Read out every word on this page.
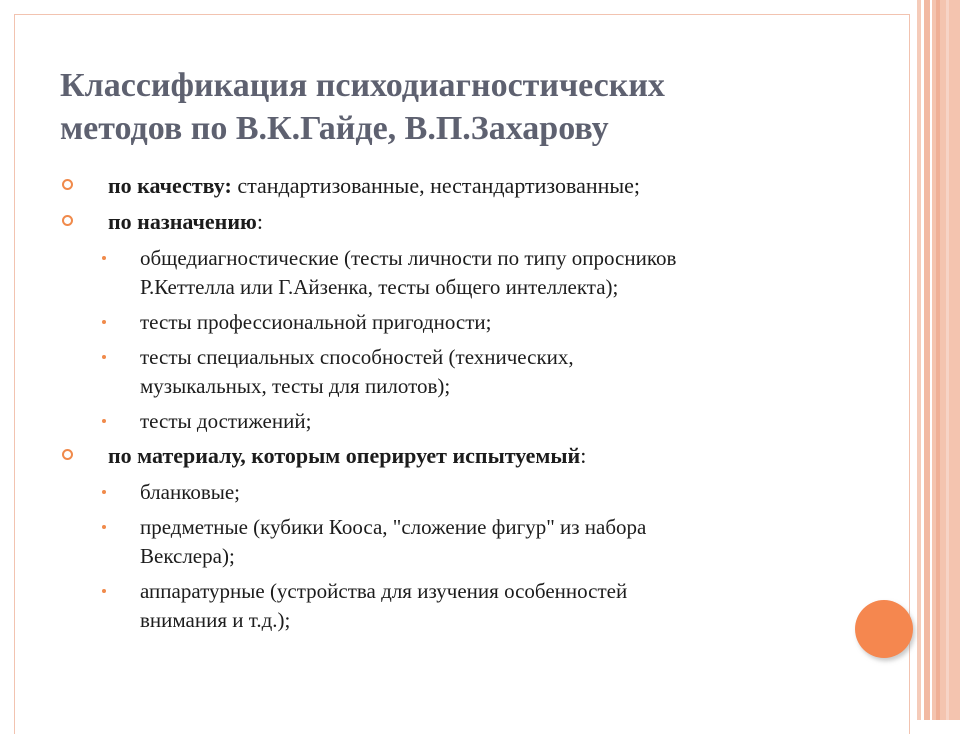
Классификация психодиагностических
методов по В.К.Гайде, В.П.Захарову
по качеству: стандартизованные, нестандартизованные;
по назначению:
общедиагностические (тесты личности по типу опросников
Р.Кеттелла или Г.Айзенка, тесты общего интеллекта);
тесты профессиональной пригодности;
тесты специальных способностей (технических,
музыкальных, тесты для пилотов);
тесты достижений;
по материалу, которым оперирует испытуемый:
бланковые;
предметные (кубики Кооса, "сложение фигур" из набора
Векслера);
аппаратурные (устройства для изучения особенностей
внимания и т.д.);
